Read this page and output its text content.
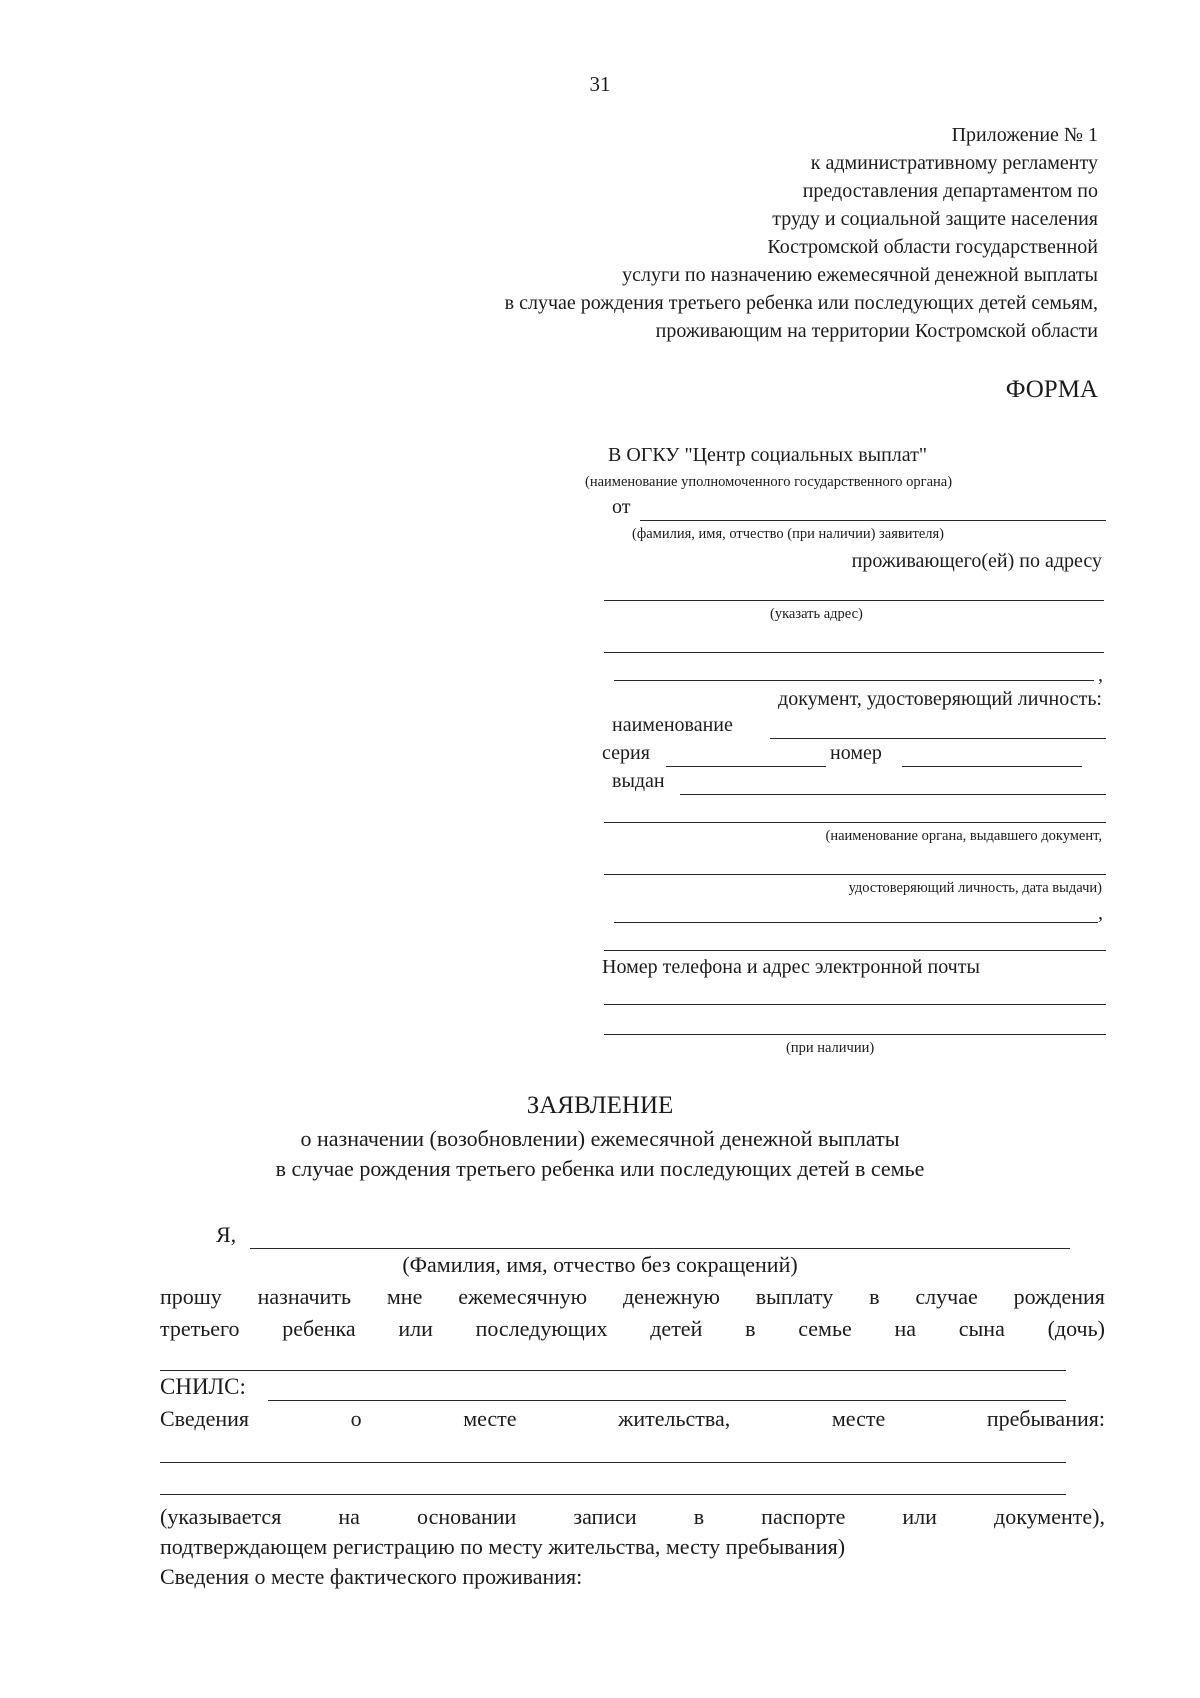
31
Приложение № 1
к административному регламенту
предоставления департаментом по
труду и социальной защите населения
Костромской области государственной
услуги по назначению ежемесячной денежной выплаты
в случае рождения третьего ребенка или последующих детей семьям,
проживающим на территории Костромской области
ФОРМА
В ОГКУ "Центр социальных выплат"
(наименование уполномоченного государственного органа)
от
(фамилия, имя, отчество (при наличии) заявителя)
проживающего(ей) по адресу
(указать адрес)
,
документ, удостоверяющий личность:
наименование
серия	номер
выдан
(наименование органа, выдавшего документ,
удостоверяющий личность, дата выдачи)
,
Номер телефона и адрес электронной почты
(при наличии)
ЗАЯВЛЕНИЕ
о назначении (возобновлении) ежемесячной денежной выплаты
в случае рождения третьего ребенка или последующих детей в семье
Я,
(Фамилия, имя, отчество без сокращений)
прошу назначить мне ежемесячную денежную выплату в случае рождения
третьего ребенка или последующих детей в семье на сына (дочь)
СНИЛС:
Сведения	о	месте	жительства,	месте	пребывания:
(указывается	на	основании	записи	в	паспорте	или	документе),
подтверждающем регистрацию по месту жительства, месту пребывания)
Сведения о месте фактического проживания:
